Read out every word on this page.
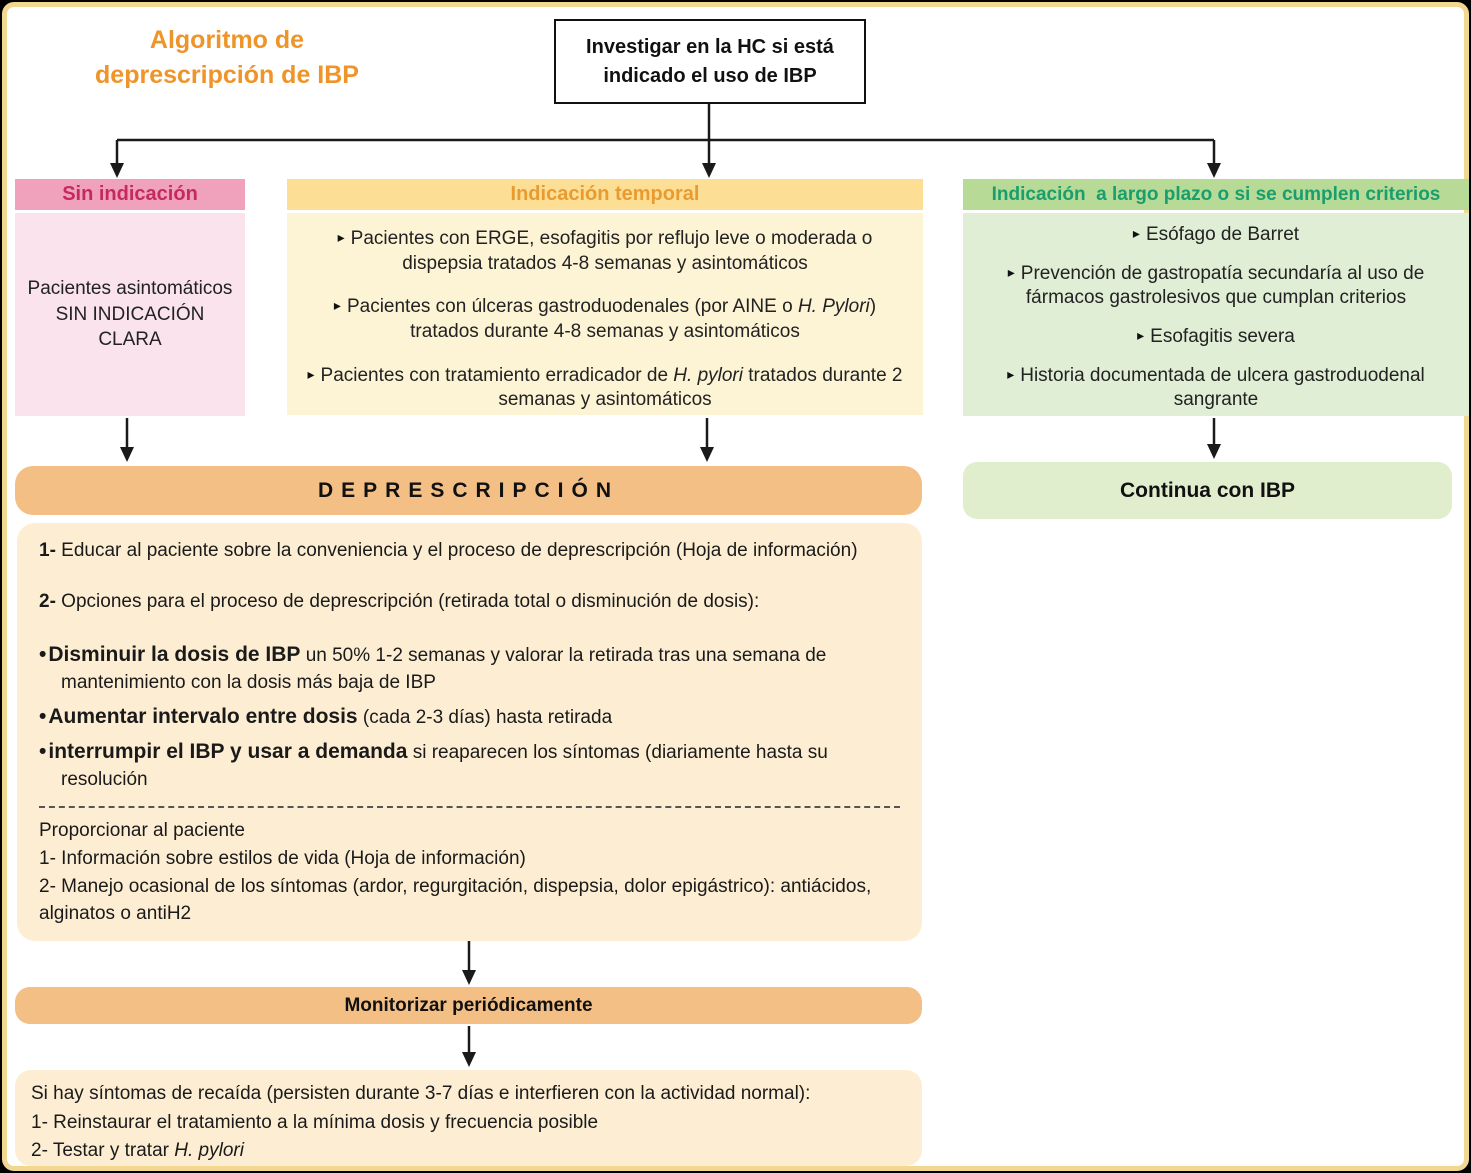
Algoritmo de
deprescripción de IBP
Investigar en la HC si está
indicado el uso de IBP
Sin indicación
Pacientes asintomáticos SIN INDICACIÓN CLARA
Indicación temporal
▸ Pacientes con ERGE, esofagitis por reflujo leve o moderada o dispepsia tratados 4-8 semanas y asintomáticos
▸ Pacientes con úlceras gastroduodenales (por AINE o H. Pylori) tratados durante 4-8 semanas y asintomáticos
▸ Pacientes con tratamiento erradicador de H. pylori tratados durante 2 semanas y asintomáticos
Indicación  a largo plazo o si se cumplen criterios
▸ Esófago de Barret
▸ Prevención de gastropatía secundaría al uso de fármacos gastrolesivos que cumplan criterios
▸ Esofagitis severa
▸ Historia documentada de ulcera gastroduodenal sangrante
DEPRESCRIPCIÓN	Continua con IBP

1- Educar al paciente sobre la conveniencia y el proceso de deprescripción (Hoja de información)

2- Opciones para el proceso de deprescripción (retirada total o disminución de dosis):

•Disminuir la dosis de IBP un 50% 1-2 semanas y valorar la retirada tras una semana de mantenimiento con la dosis más baja de IBP
•Aumentar intervalo entre dosis (cada 2-3 días) hasta retirada
•interrumpir el IBP y usar a demanda si reaparecen los síntomas (diariamente hasta su resolución
Proporcionar al paciente
1- Información sobre estilos de vida (Hoja de información)
2- Manejo ocasional de los síntomas (ardor, regurgitación, dispepsia, dolor epigástrico): antiácidos, alginatos o antiH2
Monitorizar periódicamente
Si hay síntomas de recaída (persisten durante 3-7 días e interfieren con la actividad normal):
1- Reinstaurar el tratamiento a la mínima dosis y frecuencia posible
2- Testar y tratar H. pylori
